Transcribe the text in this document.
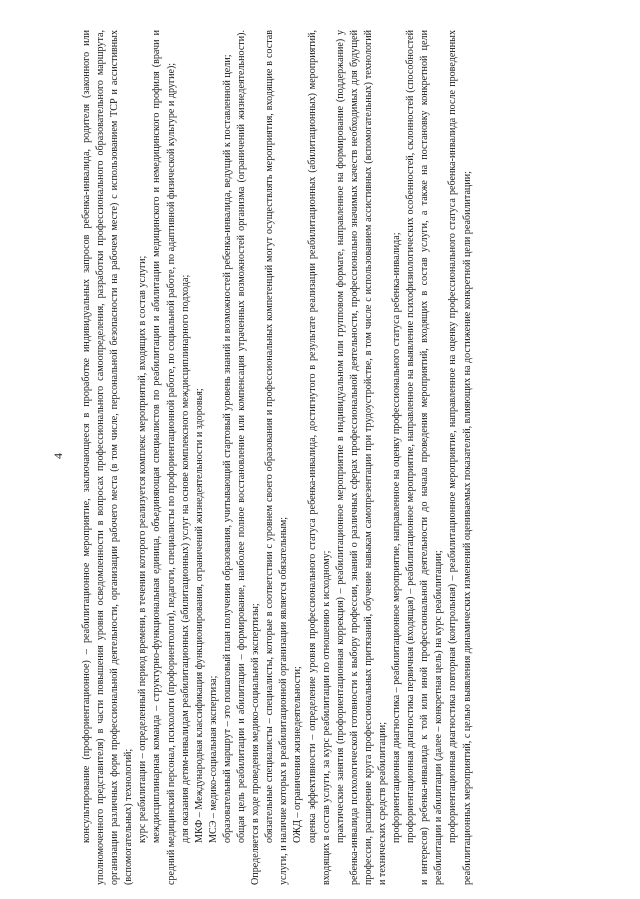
4 консультирование (профориентационное) – реабилитационное мероприятие, заключающееся в проработке индивидуальных запросов ребенка-инвалида, родителя (законного или уполномоченного представителя) в части повышения уровня осведомленности в вопросах профессионального самоопределения, разработки профессионального образовательного маршрута, организации различных форм профессиональной деятельности, организации рабочего места (в том числе, персональной безопасности на рабочем месте) с использованием ТСР и ассистивных (вспомогательных) технологий; курс реабилитации – определенный период времени, в течении которого реализуется комплекс мероприятий, входящих в состав услуги; междисциплинарная команда – структурно-функциональная единица, объединяющая специалистов по реабилитации и абилитации медицинского и немедицинского профиля (врачи и средний медицинский персонал, психологи (профориентологи), педагоги, специалисты по профориентационной работе, по социальной работе, по адаптивной физической культуре и другие); для оказания детям-инвалидам реабилитационных (абилитационных) услуг на основе комплексного междисциплинарного подхода; МКФ – Международная классификация функционирования, ограничений жизнедеятельности и здоровья; МСЭ – медико-социальная экспертиза; образовательный маршрут – это пошаговый план получения образования, учитывающий стартовый уровень знаний и возможностей ребенка-инвалида, ведущий к поставленной цели; общая цель реабилитации и абилитации – формирование, наиболее полное восстановление или компенсация утраченных возможностей организма (ограничений жизнедеятельности). Определяется в ходе проведения медико-социальной экспертизы; обязательные специалисты – специалисты, которые в соответствии с уровнем своего образования и профессиональных компетенций могут осуществлять мероприятия, входящие в состав услуги, и наличие которых в реабилитационной организации является обязательным; ОЖД – ограничения жизнедеятельности; оценка эффективности – определение уровня профессионального статуса ребенка-инвалида, достигнутого в результате реализации реабилитационных (абилитационных) мероприятий, входящих в состав услуги, за курс реабилитации по отношению к исходному; практические занятия (профориентационная коррекция) – реабилитационное мероприятие в индивидуальном или групповом формате, направленное на формирование (поддержание) у ребенка-инвалида психологической готовности к выбору профессии, знаний о различных сферах профессиональной деятельности, профессионально значимых качеств необходимых для будущей профессии, расширение круга профессиональных притязаний, обучение навыкам самопрезентации при трудоустройстве, в том числе с использованием ассистивных (вспомогательных) технологий и технических средств реабилитации; профориентационная диагностика – реабилитационное мероприятие, направленное на оценку профессионального статуса ребенка-инвалида; профориентационная диагностика первичная (входящая) – реабилитационное мероприятие, направленное на выявление психофизиологических особенностей, склонностей (способностей и интересов) ребенка-инвалида к той или иной профессиональной деятельности до начала проведения мероприятий, входящих в состав услуги, а также на постановку конкретной цели реабилитации и абилитации (далее – конкретная цель) на курс реабилитации; профориентационная диагностика повторная (контрольная) – реабилитационное мероприятие, направленное на оценку профессионального статуса ребенка-инвалида после проведенных реабилитационных мероприятий, с целью выявления динамических изменений оцениваемых показателей, влияющих на достижение конкретной цели реабилитации;
